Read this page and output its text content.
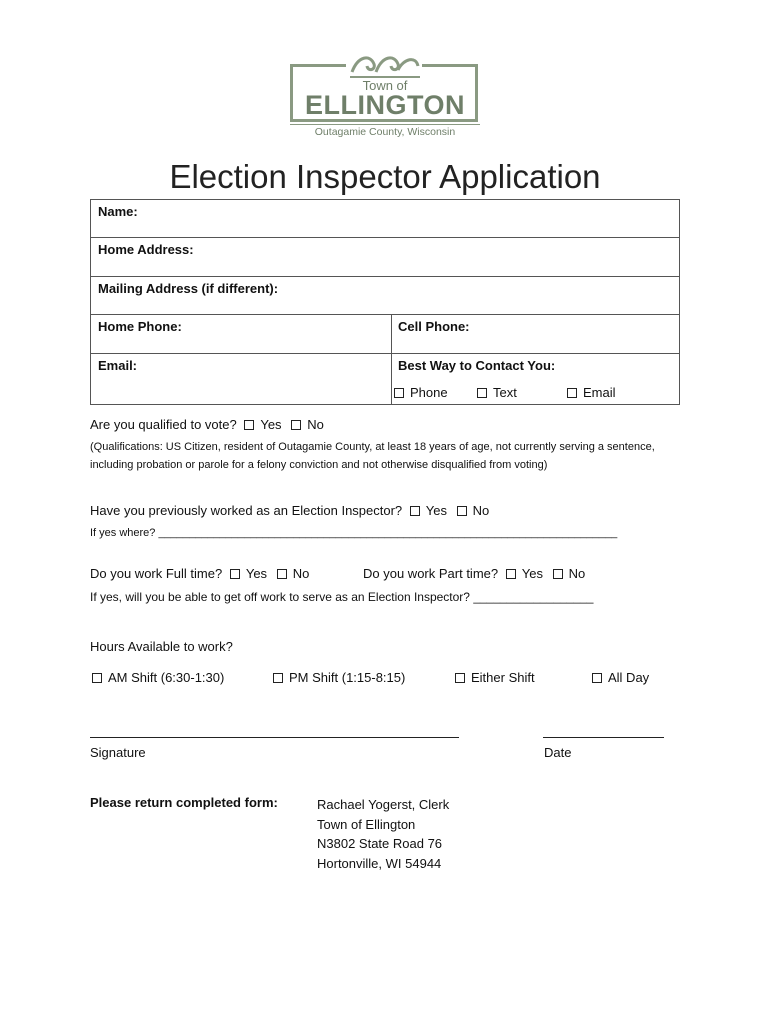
Town of
ELLINGTON
Outagamie County, Wisconsin
Election Inspector Application
Name:
Home Address:
Mailing Address (if different):
Home Phone:	Cell Phone:
Email:	Best Way to Contact You:
Phone	Text	Email
Are you qualified to vote? Yes No
(Qualifications: US Citizen, resident of Outagamie County, at least 18 years of age, not currently serving a sentence,
including probation or parole for a felony conviction and not otherwise disqualified from voting)
Have you previously worked as an Election Inspector? Yes No
If yes where? ___________________________________________________________________________
Do you work Full time? Yes No	Do you work Part time? Yes No
If yes, will you be able to get off work to serve as an Election Inspector? __________________
Hours Available to work?
AM Shift (6:30-1:30)	PM Shift (1:15-8:15)	Either Shift	All Day
Signature	Date
Please return completed form:	Rachael Yogerst, Clerk
Town of Ellington
N3802 State Road 76
Hortonville, WI 54944
